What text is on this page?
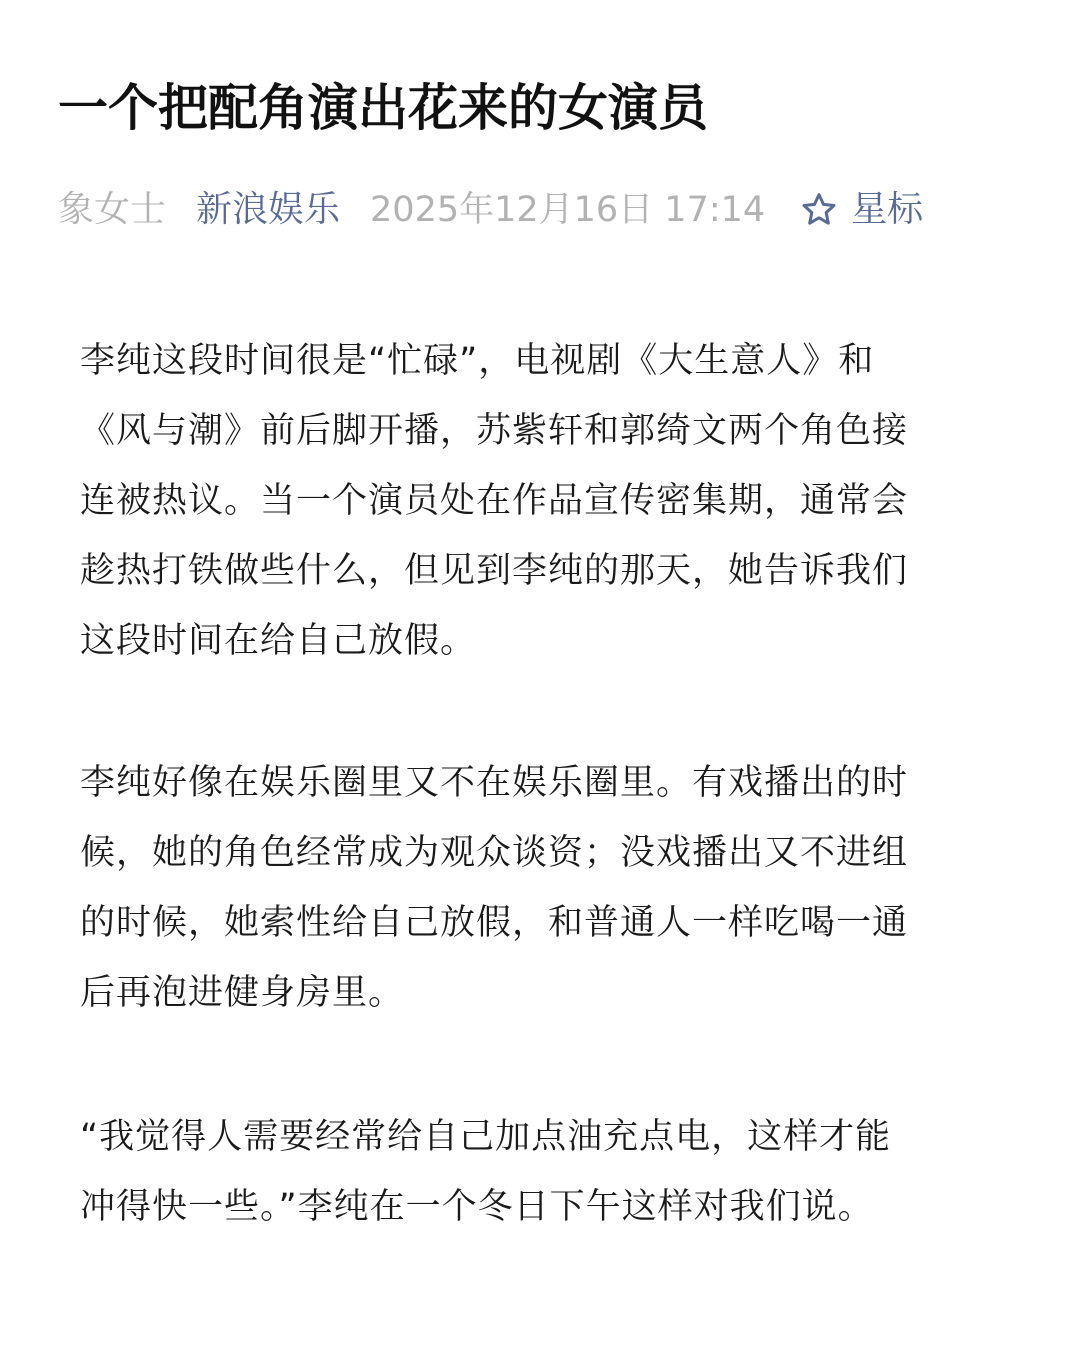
一个把配角演出花来的女演员
象女士 新浪娱乐 2025年12月16日 17:14 星标

李纯这段时间很是“忙碌”，电视剧《大生意人》和
《风与潮》前后脚开播，苏紫轩和郭绮文两个角色接
连被热议。当一个演员处在作品宣传密集期，通常会
趁热打铁做些什么，但见到李纯的那天，她告诉我们
这段时间在给自己放假。

李纯好像在娱乐圈里又不在娱乐圈里。有戏播出的时
候，她的角色经常成为观众谈资；没戏播出又不进组
的时候，她索性给自己放假，和普通人一样吃喝一通
后再泡进健身房里。

“我觉得人需要经常给自己加点油充点电，这样才能
冲得快一些。”李纯在一个冬日下午这样对我们说。
